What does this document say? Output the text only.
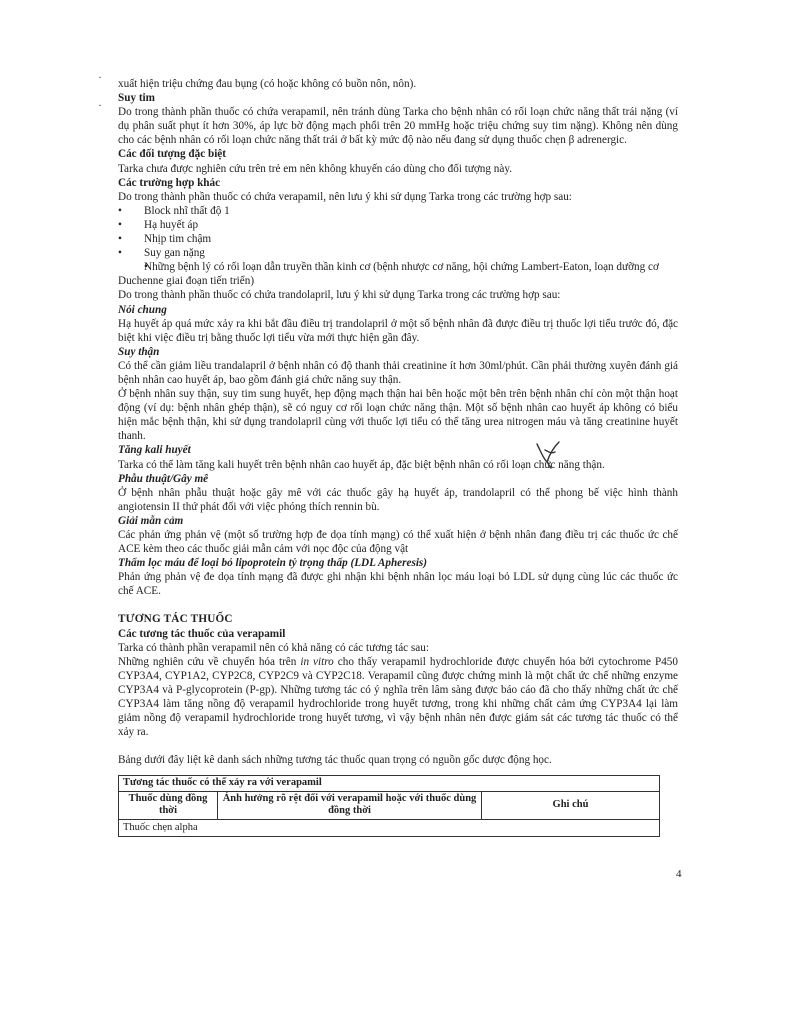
·
·

xuất hiện triệu chứng đau bụng (có hoặc không có buồn nôn, nôn).

Suy tim

Do trong thành phần thuốc có chứa verapamil, nên tránh dùng Tarka cho bệnh nhân có rối loạn chức năng thất trái nặng (ví dụ phân suất phụt ít hơn 30%, áp lực bờ động mạch phổi trên 20 mmHg hoặc triệu chứng suy tim nặng). Không nên dùng cho các bệnh nhân có rối loạn chức năng thất trái ở bất kỳ mức độ nào nếu đang sử dụng thuốc chẹn β adrenergic.

Các đối tượng đặc biệt

Tarka chưa được nghiên cứu trên trẻ em nên không khuyến cáo dùng cho đối tượng này.

Các trường hợp khác

Do trong thành phần thuốc có chứa verapamil, nên lưu ý khi sử dụng Tarka trong các trường hợp sau:

• Block nhĩ thất độ 1

• Hạ huyết áp

• Nhịp tim chậm

• Suy gan nặng

• Những bệnh lý có rối loạn dẫn truyền thần kinh cơ (bệnh nhược cơ năng, hội chứng Lambert-Eaton, loạn dưỡng cơ Duchenne giai đoạn tiến triển)

Do trong thành phần thuốc có chứa trandolapril, lưu ý khi sử dụng Tarka trong các trường hợp sau:

Nói chung

Hạ huyết áp quá mức xảy ra khi bắt đầu điều trị trandolapril ở một số bệnh nhân đã được điều trị thuốc lợi tiểu trước đó, đặc biệt khi việc điều trị bằng thuốc lợi tiểu vừa mới thực hiện gần đây.

Suy thận

Có thể cần giảm liều trandalapril ở bệnh nhân có độ thanh thải creatinine ít hơn 30ml/phút. Cần phải thường xuyên đánh giá bệnh nhân cao huyết áp, bao gồm đánh giá chức năng suy thận.

Ở bệnh nhân suy thận, suy tim sung huyết, hẹp động mạch thận hai bên hoặc một bên trên bệnh nhân chỉ còn một thận hoạt động (ví dụ: bệnh nhân ghép thận), sẽ có nguy cơ rối loạn chức năng thận. Một số bệnh nhân cao huyết áp không có biểu hiện mắc bệnh thận, khi sử dụng trandolapril cùng với thuốc lợi tiểu có thể tăng urea nitrogen máu và tăng creatinine huyết thanh.

Tăng kali huyết

Tarka có thể làm tăng kali huyết trên bệnh nhân cao huyết áp, đặc biệt bệnh nhân có rối loạn chức năng thận.

Phẫu thuật/Gây mê

Ở bệnh nhân phẫu thuật hoặc gây mê với các thuốc gây hạ huyết áp, trandolapril có thể phong bế việc hình thành angiotensin II thứ phát đối với việc phóng thích rennin bù.

Giải mẫn cảm

Các phản ứng phản vệ (một số trường hợp đe dọa tính mạng) có thể xuất hiện ở bệnh nhân đang điều trị các thuốc ức chế ACE kèm theo các thuốc giải mẫn cảm với nọc độc của động vật

Thẩm lọc máu để loại bỏ lipoprotein tỷ trọng thấp (LDL Apheresis)

Phản ứng phản vệ đe dọa tính mạng đã được ghi nhận khi bệnh nhân lọc máu loại bỏ LDL sử dụng cùng lúc các thuốc ức chế ACE.

TƯƠNG TÁC THUỐC

Các tương tác thuốc của verapamil

Tarka có thành phần verapamil nên có khả năng có các tương tác sau:

Những nghiên cứu về chuyển hóa trên in vitro cho thấy verapamil hydrochloride được chuyển hóa bởi cytochrome P450 CYP3A4, CYP1A2, CYP2C8, CYP2C9 và CYP2C18. Verapamil cũng được chứng minh là một chất ức chế những enzyme CYP3A4 và P-glycoprotein (P-gp). Những tương tác có ý nghĩa trên lâm sàng được báo cáo đã cho thấy những chất ức chế CYP3A4 làm tăng nồng độ verapamil hydrochloride trong huyết tương, trong khi những chất cảm ứng CYP3A4 lại làm giảm nồng độ verapamil hydrochloride trong huyết tương, vì vậy bệnh nhân nên được giám sát các tương tác thuốc có thể xảy ra.

Bảng dưới đây liệt kê danh sách những tương tác thuốc quan trọng có nguồn gốc dược động học.

Tương tác thuốc có thể xảy ra với verapamil
Thuốc dùng đồng thời	Ảnh hưởng rõ rệt đối với verapamil hoặc với thuốc dùng đồng thời	Ghi chú
Thuốc chẹn alpha
4
